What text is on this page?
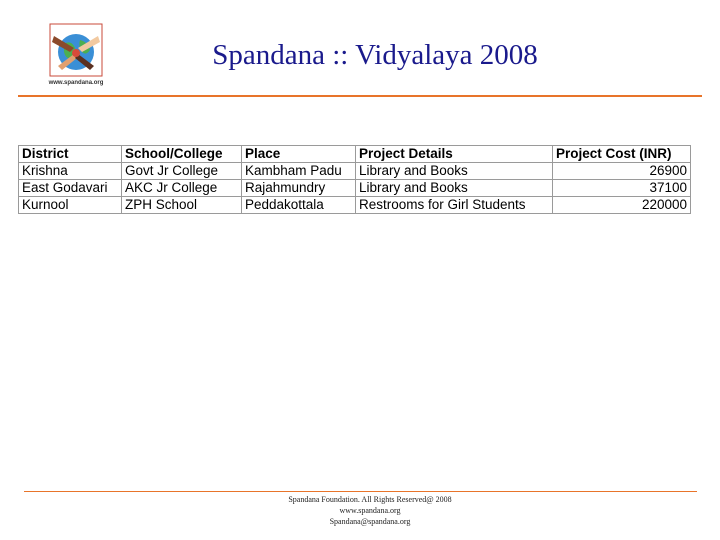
www.spandana.org
Spandana :: Vidyalaya 2008
District	School/College	Place	Project Details	Project Cost (INR)
Krishna	Govt Jr College	Kambham Padu	Library and Books	26900
East Godavari	AKC Jr College	Rajahmundry	Library and Books	37100
Kurnool	ZPH School	Peddakottala	Restrooms for Girl Students	220000
Spandana Foundation. All Rights Reserved@ 2008
www.spandana.org
Spandana@spandana.org
